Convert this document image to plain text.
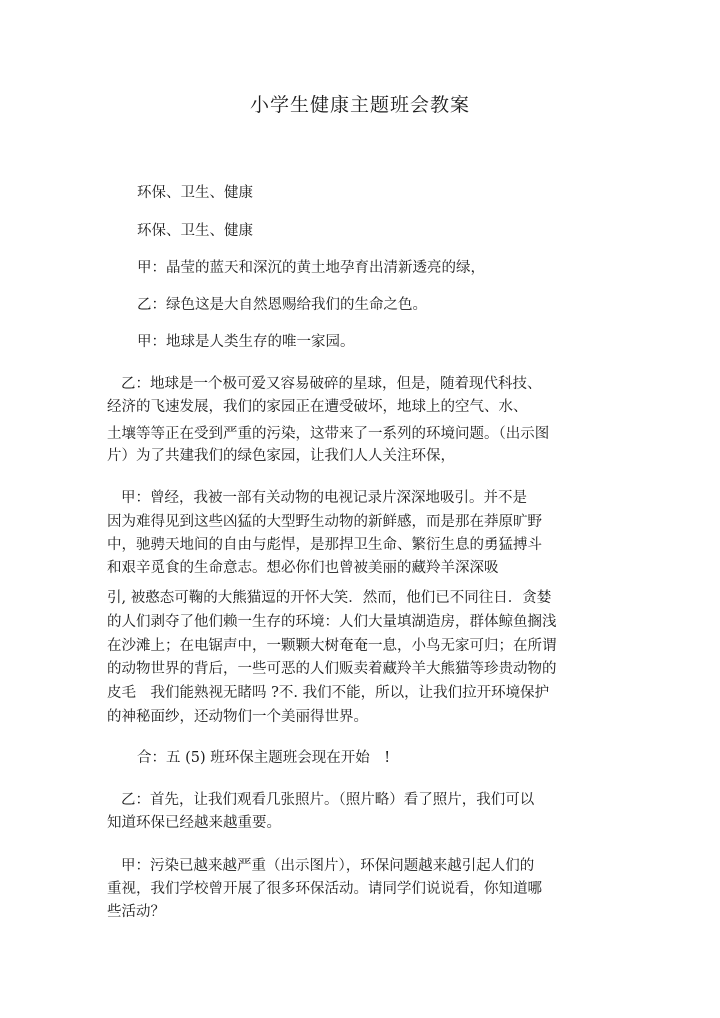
小学生健康主题班会教案
环保、卫生、健康
环保、卫生、健康
甲：晶莹的蓝天和深沉的黄土地孕育出清新透亮的绿，
乙：绿色这是大自然恩赐给我们的生命之色。
甲：地球是人类生存的唯一家园。
乙：地球是一个极可爱又容易破碎的星球，但是，随着现代科技、
经济的飞速发展，我们的家园正在遭受破坏，地球上的空气、水、
土壤等等正在受到严重的污染，这带来了一系列的环境问题。（出示图
片）为了共建我们的绿色家园，让我们人人关注环保，
甲：曾经，我被一部有关动物的电视记录片深深地吸引。并不是
因为难得见到这些凶猛的大型野生动物的新鲜感，而是那在莽原旷野
中，驰骋天地间的自由与彪悍，是那捍卫生命、繁衍生息的勇猛搏斗
和艰辛觅食的生命意志。想必你们也曾被美丽的藏羚羊深深吸
引, 被憨态可鞠的大熊猫逗的开怀大笑．然而，他们已不同往日．贪婪
的人们剥夺了他们赖一生存的环境：人们大量填湖造房，群体鲸鱼搁浅
在沙滩上；在电锯声中，一颗颗大树奄奄一息，小鸟无家可归；在所谓
的动物世界的背后，一些可恶的人们贩卖着藏羚羊大熊猫等珍贵动物的
皮毛　我们能熟视无睹吗 ?不. 我们不能，所以，让我们拉开环境保护
的神秘面纱，还动物们一个美丽得世界。
合：五 (5) 班环保主题班会现在开始　!
乙：首先，让我们观看几张照片。（照片略）看了照片，我们可以
知道环保已经越来越重要。
甲：污染已越来越严重（出示图片），环保问题越来越引起人们的
重视，我们学校曾开展了很多环保活动。请同学们说说看，你知道哪
些活动？
